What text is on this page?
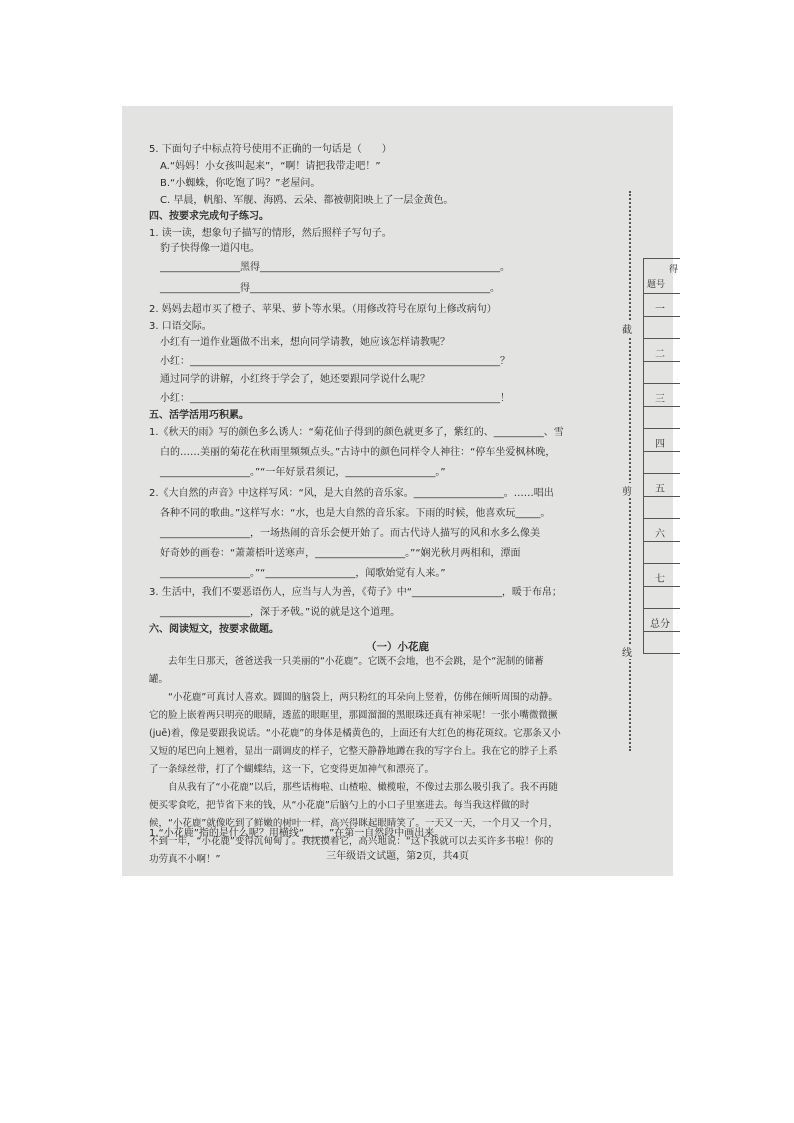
5. 下面句子中标点符号使用不正确的一句话是（　　）
A.“妈妈！小女孩叫起来”，“啊！请把我带走吧！”
B.“小蜘蛛，你吃饱了吗？”老屋问。
C. 早晨，帆船、军舰、海鸥、云朵、都被朝阳映上了一层金黄色。
四、按要求完成句子练习。
1. 读一读，想象句子描写的情形，然后照样子写句子。
豹子快得像一道闪电。
________________黑得________________________________________________。
________________得________________________________________________。
2. 妈妈去超市买了橙子、苹果、萝卜等水果。（用修改符号在原句上修改病句）
3. 口语交际。
小红有一道作业题做不出来，想向同学请教，她应该怎样请教呢？
小红：______________________________________________________________？
通过同学的讲解，小红终于学会了，她还要跟同学说什么呢？
小红：______________________________________________________________！
五、活学活用巧积累。
1.《秋天的雨》写的颜色多么诱人：“菊花仙子得到的颜色就更多了，紫红的、__________、雪
白的……美丽的菊花在秋雨里频频点头。”古诗中的颜色同样令人神往：“停车坐爱枫林晚，
__________________。”“一年好景君须记，__________________。”
2.《大自然的声音》中这样写风：“风，是大自然的音乐家。__________________。……唱出
各种不同的歌曲。”这样写水：“水，也是大自然的音乐家。下雨的时候，他喜欢玩_____。
__________________，一场热闹的音乐会便开始了。而古代诗人描写的风和水多么像美
好奇妙的画卷：“萧萧梧叶送寒声，__________________。”“娴光秋月两相和，潭面
__________________。”“__________________，闻歌始觉有人来。”
3. 生活中，我们不要恶语伤人，应当与人为善，《荀子》中“__________________，暖于布帛；
__________________，深于矛戟。”说的就是这个道理。
六、阅读短文，按要求做题。
（一）小花鹿

去年生日那天，爸爸送我一只美丽的“小花鹿”。它既不会地，也不会跳，是个“泥制的储蓄罐。

“小花鹿”可真讨人喜欢。圆圆的脑袋上，两只粉红的耳朵向上竖着，仿佛在倾听周围的动静。它的脸上嵌着两只明亮的眼睛，透蓝的眼眶里，那圆溜溜的黑眼珠还真有神采呢！一张小嘴微微撅(juē)着，像是要跟我说话。“小花鹿”的身体是橘黄色的，上面还有大红色的梅花斑纹。它那条又小又短的尾巴向上翘着，显出一副调皮的样子，它整天静静地蹲在我的写字台上。我在它的脖子上系了一条绿丝带，打了个蝴蝶结，这一下，它变得更加神气和漂亮了。

自从我有了“小花鹿”以后，那些话梅啦、山楂啦、橄榄啦，不像过去那么吸引我了。我不再随便买零食吃，把节省下来的钱，从“小花鹿”后脑勺上的小口子里塞进去。每当我这样做的时候，“小花鹿”就像吃到了鲜嫩的树叶一样，高兴得眯起眼睛笑了。一天又一天，一个月又一个月，不到一年，“小花鹿”变得沉甸甸了。我抚摸着它，高兴地说：“这下我就可以去买许多书啦！你的功劳真不小啊！”

1.“小花鹿”指的是什么呢？用横线“_____”在第一自然段中画出来。
三年级语文试题，第2页，共4页
截
剪
线
得
题号
一
二
三
四
五
六
七
总分
